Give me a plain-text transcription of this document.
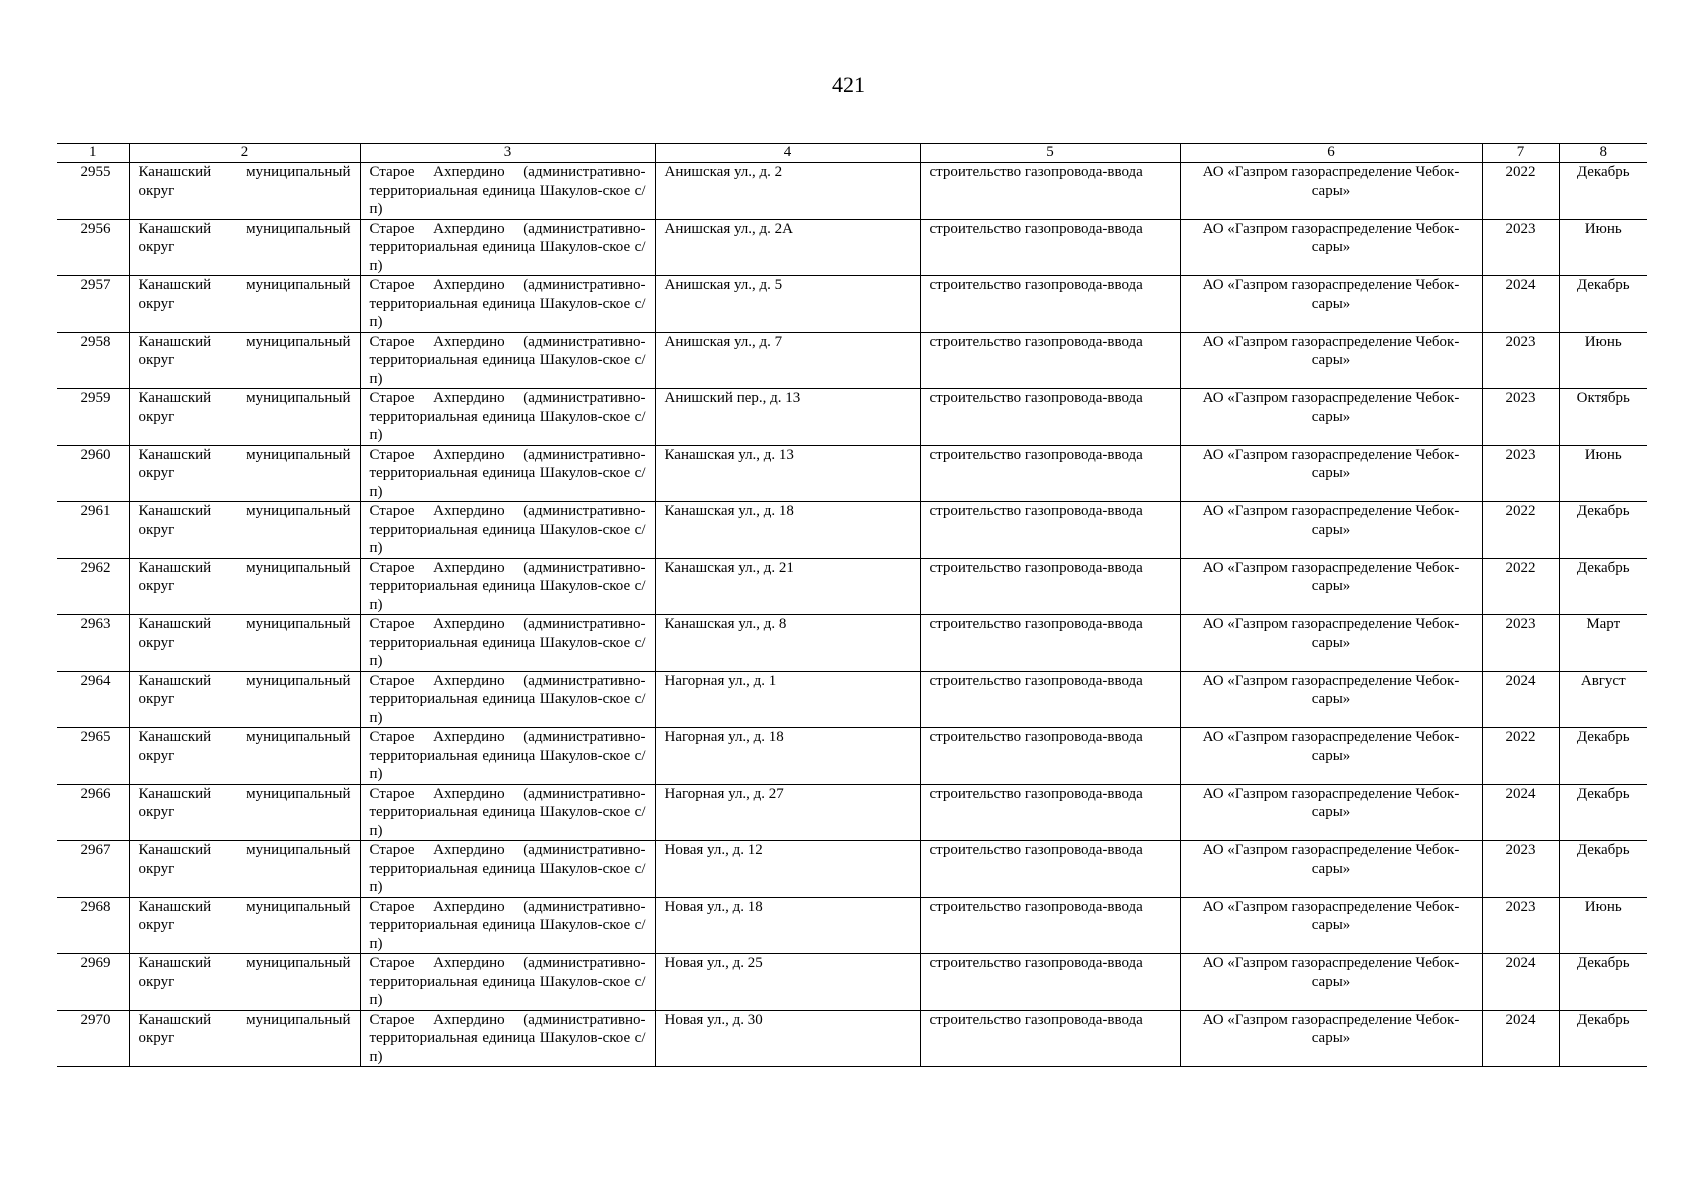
421
1	2	3	4	5	6	7	8
2955	Канашский муниципальный округ	Старое Ахпердино (административно-территориальная единица Шакулов-ское с/п)	Анишская ул., д. 2	строительство газопровода-ввода	АО «Газпром газораспределение Чебок-сары»	2022	Декабрь
2956	Канашский муниципальный округ	Старое Ахпердино (административно-территориальная единица Шакулов-ское с/п)	Анишская ул., д. 2А	строительство газопровода-ввода	АО «Газпром газораспределение Чебок-сары»	2023	Июнь
2957	Канашский муниципальный округ	Старое Ахпердино (административно-территориальная единица Шакулов-ское с/п)	Анишская ул., д. 5	строительство газопровода-ввода	АО «Газпром газораспределение Чебок-сары»	2024	Декабрь
2958	Канашский муниципальный округ	Старое Ахпердино (административно-территориальная единица Шакулов-ское с/п)	Анишская ул., д. 7	строительство газопровода-ввода	АО «Газпром газораспределение Чебок-сары»	2023	Июнь
2959	Канашский муниципальный округ	Старое Ахпердино (административно-территориальная единица Шакулов-ское с/п)	Анишский пер., д. 13	строительство газопровода-ввода	АО «Газпром газораспределение Чебок-сары»	2023	Октябрь
2960	Канашский муниципальный округ	Старое Ахпердино (административно-территориальная единица Шакулов-ское с/п)	Канашская ул., д. 13	строительство газопровода-ввода	АО «Газпром газораспределение Чебок-сары»	2023	Июнь
2961	Канашский муниципальный округ	Старое Ахпердино (административно-территориальная единица Шакулов-ское с/п)	Канашская ул., д. 18	строительство газопровода-ввода	АО «Газпром газораспределение Чебок-сары»	2022	Декабрь
2962	Канашский муниципальный округ	Старое Ахпердино (административно-территориальная единица Шакулов-ское с/п)	Канашская ул., д. 21	строительство газопровода-ввода	АО «Газпром газораспределение Чебок-сары»	2022	Декабрь
2963	Канашский муниципальный округ	Старое Ахпердино (административно-территориальная единица Шакулов-ское с/п)	Канашская ул., д. 8	строительство газопровода-ввода	АО «Газпром газораспределение Чебок-сары»	2023	Март
2964	Канашский муниципальный округ	Старое Ахпердино (административно-территориальная единица Шакулов-ское с/п)	Нагорная ул., д. 1	строительство газопровода-ввода	АО «Газпром газораспределение Чебок-сары»	2024	Август
2965	Канашский муниципальный округ	Старое Ахпердино (административно-территориальная единица Шакулов-ское с/п)	Нагорная ул., д. 18	строительство газопровода-ввода	АО «Газпром газораспределение Чебок-сары»	2022	Декабрь
2966	Канашский муниципальный округ	Старое Ахпердино (административно-территориальная единица Шакулов-ское с/п)	Нагорная ул., д. 27	строительство газопровода-ввода	АО «Газпром газораспределение Чебок-сары»	2024	Декабрь
2967	Канашский муниципальный округ	Старое Ахпердино (административно-территориальная единица Шакулов-ское с/п)	Новая ул., д. 12	строительство газопровода-ввода	АО «Газпром газораспределение Чебок-сары»	2023	Декабрь
2968	Канашский муниципальный округ	Старое Ахпердино (административно-территориальная единица Шакулов-ское с/п)	Новая ул., д. 18	строительство газопровода-ввода	АО «Газпром газораспределение Чебок-сары»	2023	Июнь
2969	Канашский муниципальный округ	Старое Ахпердино (административно-территориальная единица Шакулов-ское с/п)	Новая ул., д. 25	строительство газопровода-ввода	АО «Газпром газораспределение Чебок-сары»	2024	Декабрь
2970	Канашский муниципальный округ	Старое Ахпердино (административно-территориальная единица Шакулов-ское с/п)	Новая ул., д. 30	строительство газопровода-ввода	АО «Газпром газораспределение Чебок-сары»	2024	Декабрь
